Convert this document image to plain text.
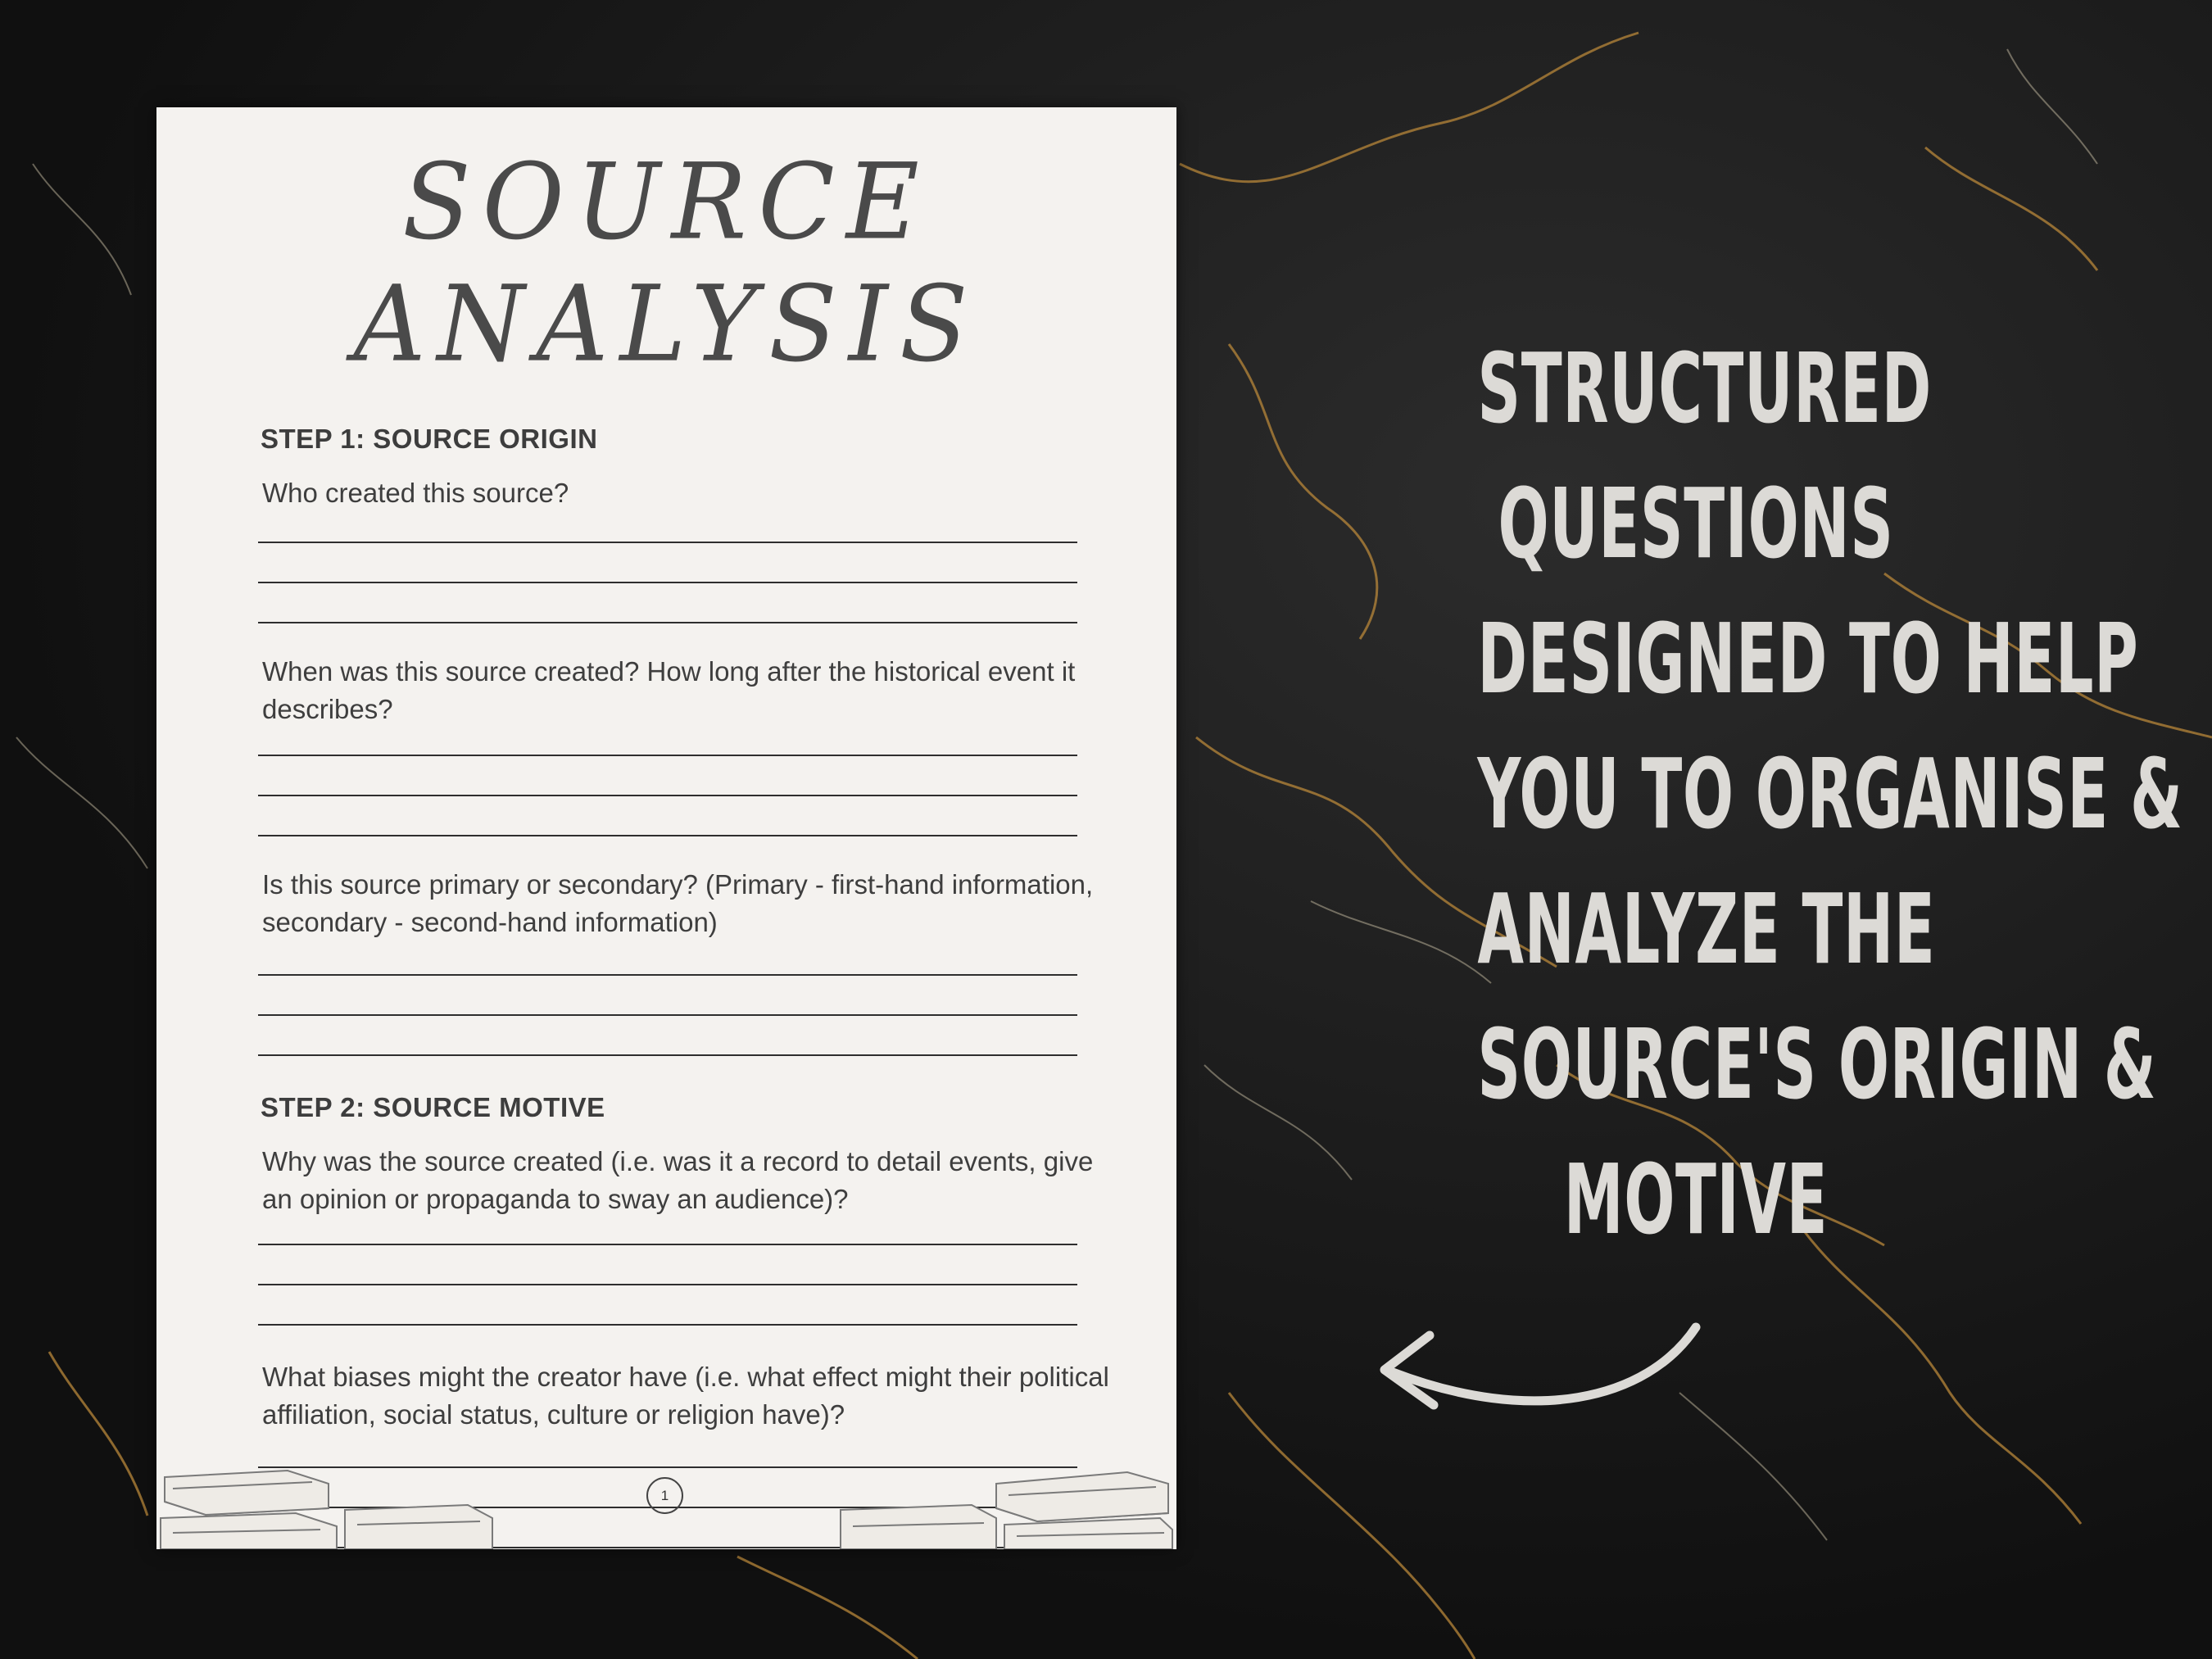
SOURCE ANALYSIS
STEP 1: SOURCE ORIGIN
Who created this source?
When was this source created? How long after the historical event it describes?
Is this source primary or secondary? (Primary - first-hand information, secondary - second-hand information)
STEP 2: SOURCE MOTIVE
Why was the source created (i.e. was it a record to detail events, give an opinion or propaganda to sway an audience)?
What biases might the creator have (i.e. what effect might their political affiliation, social status, culture or religion have)?
1
STRUCTURED
QUESTIONS
DESIGNED TO HELP
YOU TO ORGANISE &
ANALYZE THE
SOURCE'S ORIGIN &
MOTIVE
